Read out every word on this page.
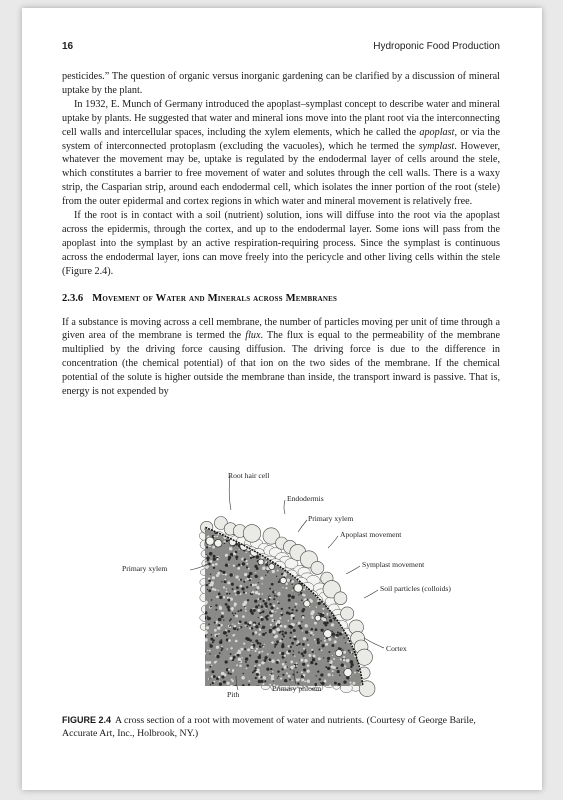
16	Hydroponic Food Production

pesticides.” The question of organic versus inorganic gardening can be clarified by a discussion of mineral uptake by the plant.

In 1932, E. Munch of Germany introduced the apoplast–symplast concept to describe water and mineral uptake by plants. He suggested that water and mineral ions move into the plant root via the interconnecting cell walls and intercellular spaces, including the xylem elements, which he called the apoplast, or via the system of interconnected protoplasm (excluding the vacuoles), which he termed the symplast. However, whatever the movement may be, uptake is regulated by the endodermal layer of cells around the stele, which constitutes a barrier to free movement of water and solutes through the cell walls. There is a waxy strip, the Casparian strip, around each endodermal cell, which isolates the inner portion of the root (stele) from the outer epidermal and cortex regions in which water and mineral movement is relatively free.

If the root is in contact with a soil (nutrient) solution, ions will diffuse into the root via the apoplast across the epidermis, through the cortex, and up to the endodermal layer. Some ions will pass from the apoplast into the symplast by an active respiration-requiring process. Since the symplast is continuous across the endodermal layer, ions can move freely into the pericycle and other living cells within the stele (Figure 2.4).

2.3.6 Movement of Water and Minerals across Membranes

If a substance is moving across a cell membrane, the number of particles moving per unit of time through a given area of the membrane is termed the flux. The flux is equal to the permeability of the membrane multiplied by the driving force causing diffusion. The driving force is due to the difference in concentration (the chemical potential) of that ion on the two sides of the membrane. If the chemical potential of the solute is higher outside the membrane than inside, the transport inward is passive. That is, energy is not expended by

Root hair cell
Endodermis
Primary xylem
Apoplast movement
Primary xylem	Symplast movement
Soil particles (colloids)
Cortex
Pith
Primary phloem
FIGURE 2.4 A cross section of a root with movement of water and nutrients. (Courtesy of George Barile, Accurate Art, Inc., Holbrook, NY.)
